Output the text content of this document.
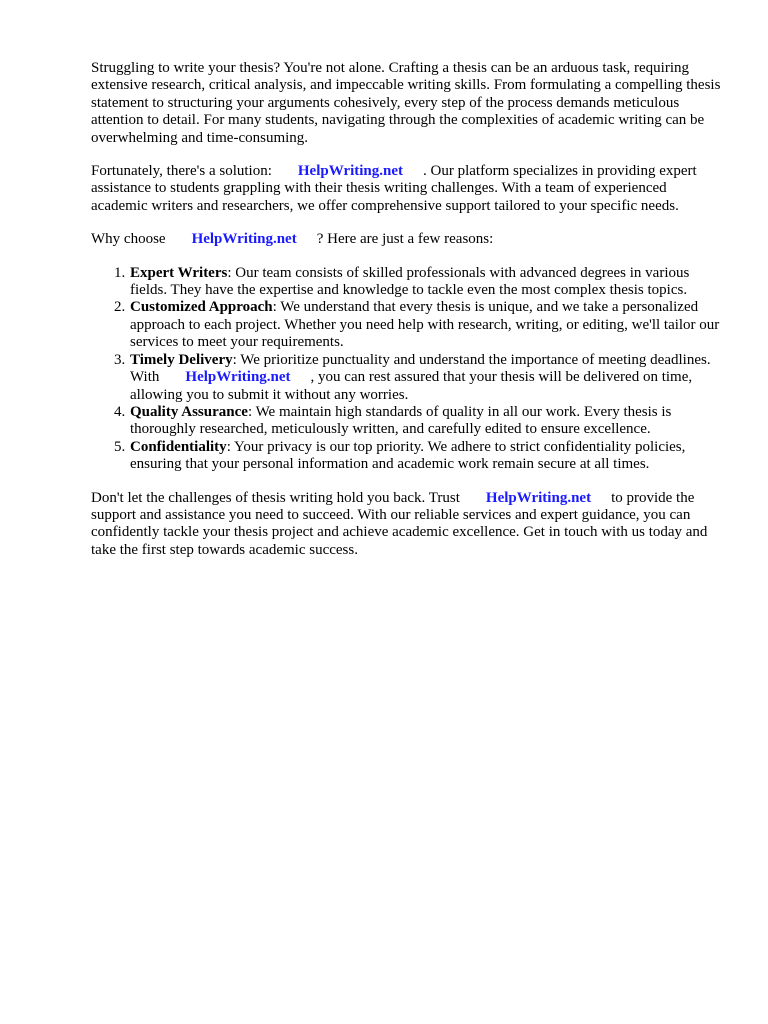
Struggling to write your thesis? You're not alone. Crafting a thesis can be an arduous task, requiring extensive research, critical analysis, and impeccable writing skills. From formulating a compelling thesis statement to structuring your arguments cohesively, every step of the process demands meticulous attention to detail. For many students, navigating through the complexities of academic writing can be overwhelming and time-consuming.

Fortunately, there's a solution: HelpWriting.net . Our platform specializes in providing expert assistance to students grappling with their thesis writing challenges. With a team of experienced academic writers and researchers, we offer comprehensive support tailored to your specific needs.

Why choose HelpWriting.net ? Here are just a few reasons:

1. Expert Writers: Our team consists of skilled professionals with advanced degrees in various fields. They have the expertise and knowledge to tackle even the most complex thesis topics.
2. Customized Approach: We understand that every thesis is unique, and we take a personalized approach to each project. Whether you need help with research, writing, or editing, we'll tailor our services to meet your requirements.
3. Timely Delivery: We prioritize punctuality and understand the importance of meeting deadlines. With HelpWriting.net , you can rest assured that your thesis will be delivered on time, allowing you to submit it without any worries.
4. Quality Assurance: We maintain high standards of quality in all our work. Every thesis is thoroughly researched, meticulously written, and carefully edited to ensure excellence.
5. Confidentiality: Your privacy is our top priority. We adhere to strict confidentiality policies, ensuring that your personal information and academic work remain secure at all times.

Don't let the challenges of thesis writing hold you back. Trust HelpWriting.net to provide the support and assistance you need to succeed. With our reliable services and expert guidance, you can confidently tackle your thesis project and achieve academic excellence. Get in touch with us today and take the first step towards academic success.
